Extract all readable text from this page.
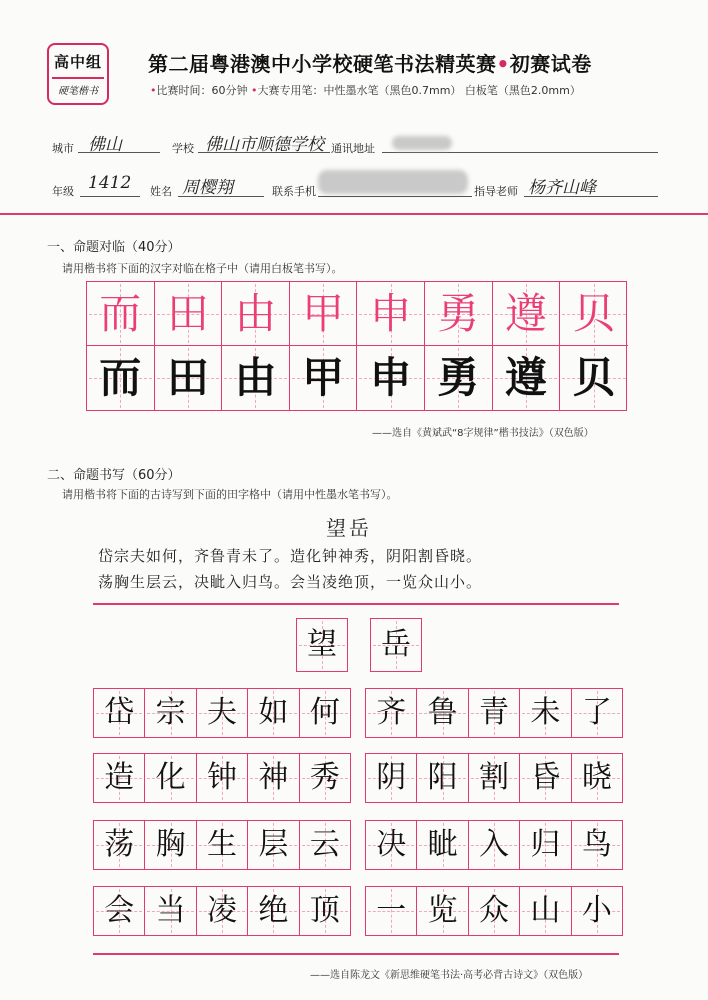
高中组
硬笔楷书
第二届粤港澳中小学校硬笔书法精英赛•初赛试卷
•比赛时间：60分钟 •大赛专用笔：中性墨水笔（黑色0.7mm） 白板笔（黑色2.0mm）
城市 佛山	学校 佛山市顺德学校 通讯地址
年级 1412 姓名 周樱翔	联系手机	指导老师 杨齐山峰
一、命题对临（40分）
请用楷书将下面的汉字对临在格子中（请用白板笔书写）。
而 田 由 甲 申 勇 遵 贝
而 田 由 甲 申 勇 遵 贝
——选自《黄斌武“8字规律”楷书技法》（双色版）
二、命题书写（60分）
请用楷书将下面的古诗写到下面的田字格中（请用中性墨水笔书写）。
望岳
岱宗夫如何，齐鲁青未了。造化钟神秀，阴阳割昏晓。
荡胸生层云，决眦入归鸟。会当凌绝顶，一览众山小。
望 岳
岱 宗 夫 如 何 齐 鲁 青 未 了
造 化 钟 神 秀 阴 阳 割 昏 晓
荡 胸 生 层 云 决 眦 入 归 鸟
会 当 凌 绝 顶 一 览 众 山 小
——选自陈龙文《新思维硬笔书法·高考必背古诗文》（双色版）
